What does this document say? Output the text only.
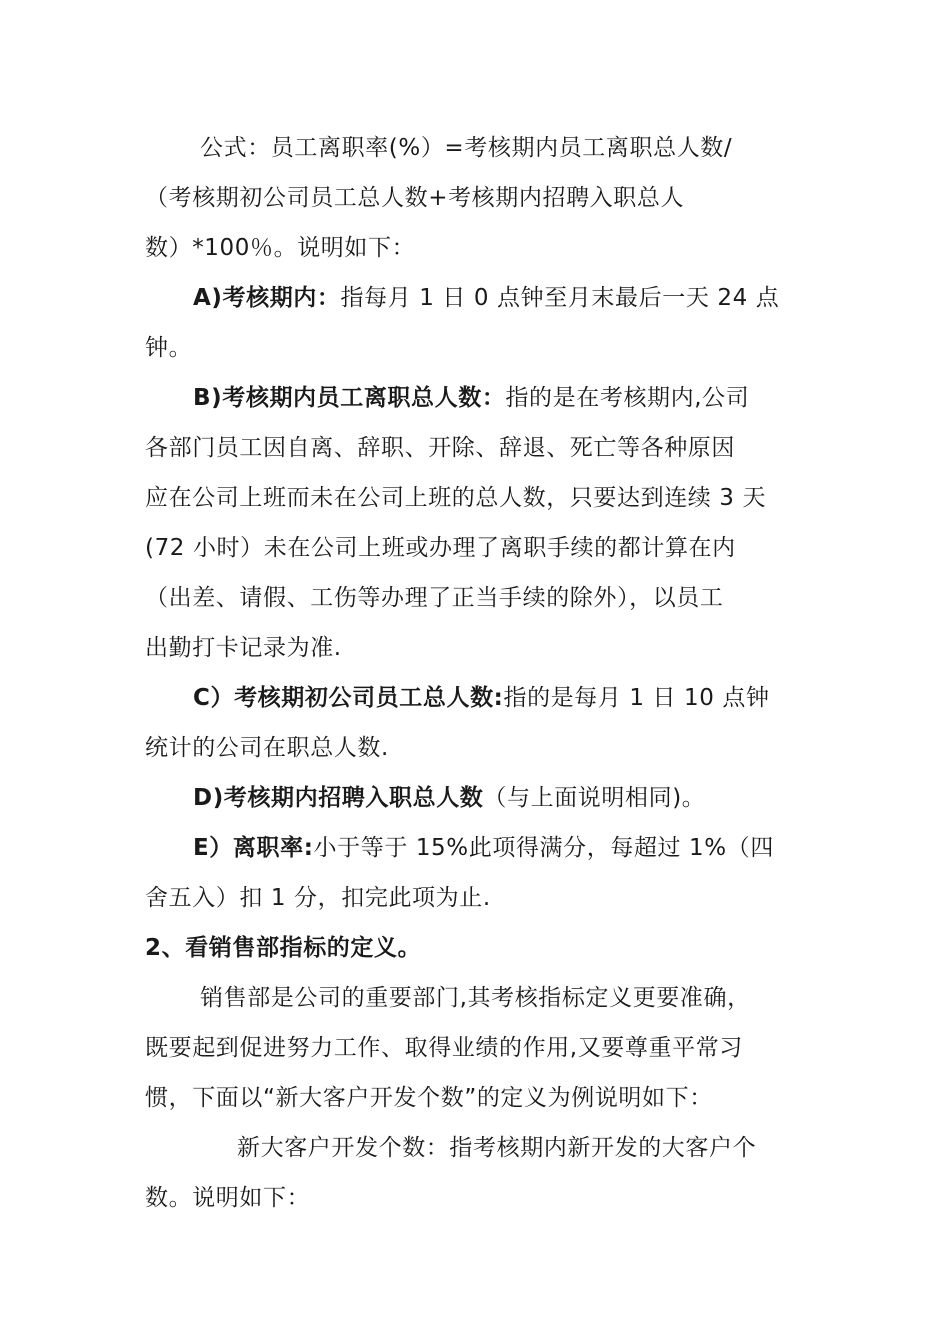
公式：员工离职率(%）=考核期内员工离职总人数/
（考核期初公司员工总人数+考核期内招聘入职总人
数）*100％。说明如下：
A)考核期内：指每月 1 日 0 点钟至月末最后一天 24 点
钟。
B)考核期内员工离职总人数：指的是在考核期内,公司
各部门员工因自离、辞职、开除、辞退、死亡等各种原因
应在公司上班而未在公司上班的总人数，只要达到连续 3 天
(72 小时）未在公司上班或办理了离职手续的都计算在内
（出差、请假、工伤等办理了正当手续的除外），以员工
出勤打卡记录为准.
C）考核期初公司员工总人数:指的是每月 1 日 10 点钟
统计的公司在职总人数.
D)考核期内招聘入职总人数（与上面说明相同)。
E）离职率:小于等于 15%此项得满分，每超过 1%（四
舍五入）扣 1 分，扣完此项为止.
2、看销售部指标的定义。
销售部是公司的重要部门,其考核指标定义更要准确，
既要起到促进努力工作、取得业绩的作用,又要尊重平常习
惯，下面以“新大客户开发个数”的定义为例说明如下：
新大客户开发个数：指考核期内新开发的大客户个
数。说明如下：
